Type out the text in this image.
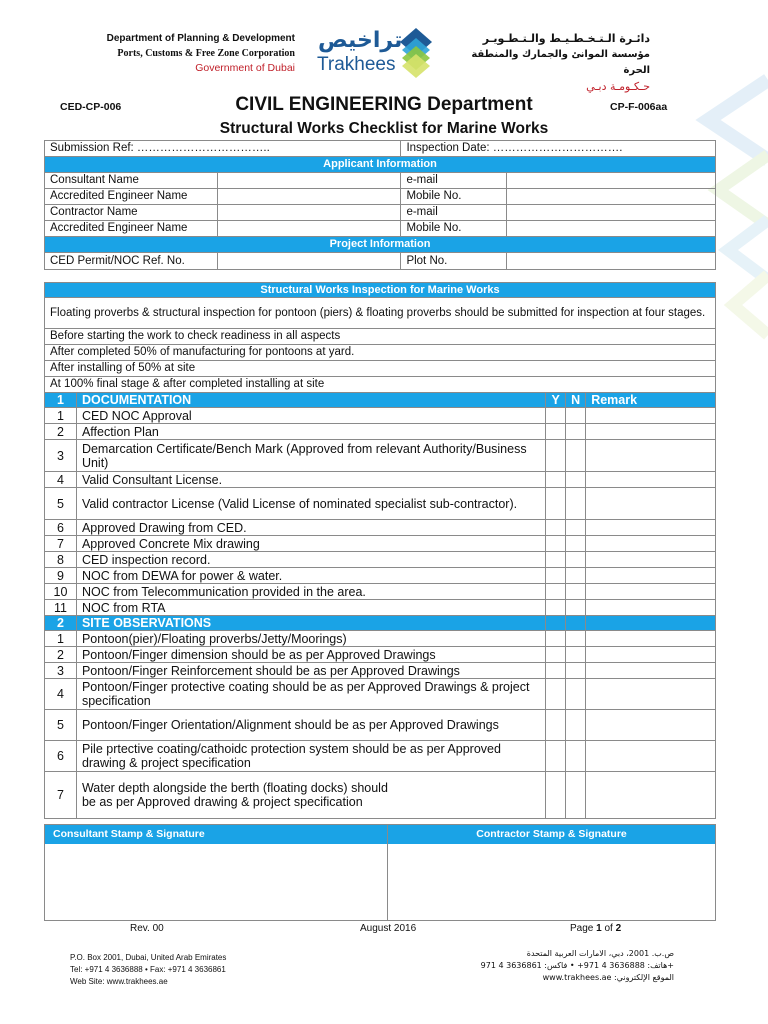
Department of Planning & Development
Ports, Customs & Free Zone Corporation
Government of Dubai
تراخيص
Trakhees
دائـرة الـتـخـطـيـط والـتـطـويـر
مؤسسة الموانئ والجمارك والمنطقة الحرة
حـكـومـة دبـي
CED-CP-006	CIVIL ENGINEERING Department	CP-F-006aa
Structural Works Checklist for Marine Works
Submission Ref: ……………………………..		Inspection Date: …………………………….	
Applicant Information			
Consultant Name		e-mail	
Accredited Engineer Name		Mobile No.	
Contractor Name		e-mail	
Accredited Engineer Name		Mobile No.	
Project Information			
CED Permit/NOC Ref. No.		Plot No.	
Structural Works Inspection for Marine Works
Floating proverbs & structural inspection for pontoon (piers) & floating proverbs should be submitted for inspection at four stages.
Before starting the work to check readiness in all aspects
After completed 50% of manufacturing for pontoons at yard.
After installing of 50% at site
At 100% final stage & after completed installing at site
1	DOCUMENTATION	Y	N	Remark
1	CED NOC Approval			
2	Affection Plan			
3	Demarcation Certificate/Bench Mark (Approved from relevant Authority/Business Unit)			
4	Valid Consultant License.			
5	Valid contractor License (Valid License of nominated specialist sub-contractor).			
6	Approved Drawing from CED.			
7	Approved Concrete Mix drawing			
8	CED inspection record.			
9	NOC from DEWA for power & water.			
10	NOC from Telecommunication provided in the area.			
11	NOC from RTA			
2	SITE OBSERVATIONS			
1	Pontoon(pier)/Floating proverbs/Jetty/Moorings)			
2	Pontoon/Finger dimension should be as per Approved Drawings			
3	Pontoon/Finger Reinforcement should be as per Approved Drawings			
4	Pontoon/Finger protective coating should be as per Approved Drawings & project specification			
5	Pontoon/Finger Orientation/Alignment should be as per Approved Drawings			
6	Pile prtective coating/cathoidc protection system should be as per Approved drawing & project specification			
7	Water depth alongside the berth (floating docks) should be as per Approved drawing & project specification			
Consultant Stamp & Signature	Contractor Stamp & Signature
Rev. 00	August 2016	Page 1 of 2
P.O. Box 2001, Dubai, United Arab Emirates
Tel: +971 4 3636888 • Fax: +971 4 3636861
Web Site: www.trakhees.ae
ص.ب. 2001، دبي، الامارات العربية المتحدة
هاتف: 3636888 4 971+ • فاكس: 3636861 4 971+
www.trakhees.ae :الموقع الإلكتروني
